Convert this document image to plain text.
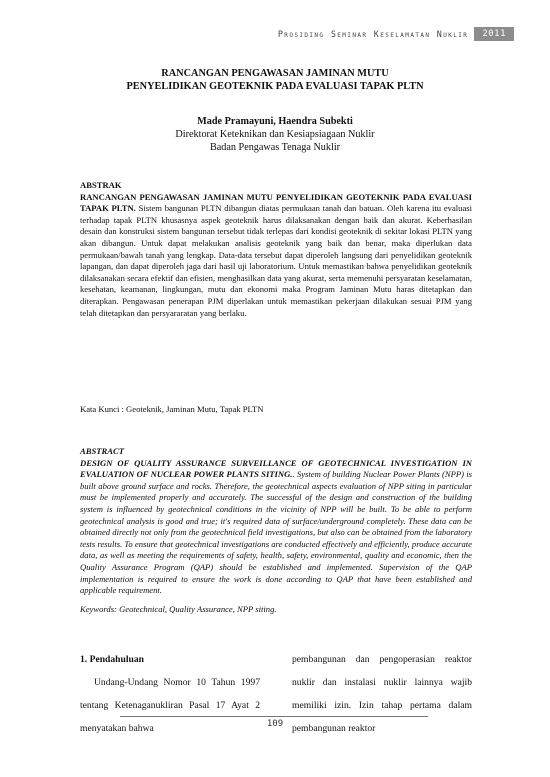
Prosiding Seminar Keselamatan Nuklir	2011
RANCANGAN PENGAWASAN JAMINAN MUTU
PENYELIDIKAN GEOTEKNIK PADA EVALUASI TAPAK PLTN
Made Pramayuni, Haendra Subekti
Direktorat Keteknikan dan Kesiapsiagaan Nuklir
Badan Pengawas Tenaga Nuklir
ABSTRAK

RANCANGAN PENGAWASAN JAMINAN MUTU PENYELIDIKAN GEOTEKNIK PADA EVALUASI TAPAK PLTN. Sistem bangunan PLTN dibangun diatas permukaan tanah dan batuan. Oleh karena itu evaluasi terhadap tapak PLTN khusasnya aspek geoteknik harus dilaksanakan dengan baik dan akurat. Keberhasilan desain dan konstruksi sistem bangunan tersebut tidak terlepas dari kondisi geoteknik di sekitar lokasi PLTN yang akan dibangun. Untuk dapat melakukan analisis geoteknik yang baik dan benar, maka diperlukan data permukaan/bawah tanah yang lengkap. Data-data tersebut dapat diperoleh langsung dari penyelidikan geoteknik lapangan, dan dapat diperoleh jaga dari hasil uji laboratorium. Untuk memastikan bahwa penyelidikan geoteknik dilaksanakan secara efektif dan efisien, menghasilkan data yang akurat, serta memenuhi persyaratan keselamatan, kesehatan, keamanan, lingkungan, mutu dan ekonomi maka Program Jaminan Mutu haras ditetapkan dan diterapkan. Pengawasan penerapan PJM diperlakan untuk memastikan pekerjaan dilakukan sesuai PJM yang telah ditetapkan dan persyararatan yang berlaku.

Kata Kunci : Geoteknik, Jaminan Mutu, Tapak PLTN
ABSTRACT

DESIGN OF QUALITY ASSURANCE SURVEILLANCE OF GEOTECHNICAL INVESTIGATION IN EVALUATION OF NUCLEAR POWER PLANTS SITING.. System of building Nuclear Power Plants (NPP) is built above ground surface and rocks. Therefore, the geotechnical aspects evaluation of NPP siting in particular must be implemented properly and accurately. The successful of the design and construction of the building system is influenced by geotechnical conditions in the vicinity of NPP will be built. To be able to perform geotechnical analysis is good and true; it's required data of surface/underground completely. These data can be obtained directly not only from the geotechnical field investigations, but also can be obtained from the laboratory tests results. To ensure that geotechnical investigations are conducted effectively and efficiently, produce accurate data, as well as meeting the requirements of safety, health, safety, environmental, quality and economic, then the Quality Assurance Program (QAP) should be established and implemented. Supervision of the QAP implementation is required to ensure the work is done according to QAP that have been established and applicable requirement.

Keywords: Geotechnical, Quality Assurance, NPP siting.
1. Pendahuluan

Undang-Undang Nomor 10 Tahun 1997 tentang Ketenaganukliran Pasal 17 Ayat 2 menyatakan bahwa

pembangunan dan pengoperasian reaktor nuklir dan instalasi nuklir lainnya wajib memiliki izin. Izin tahap pertama dalam pembangunan reaktor

109
